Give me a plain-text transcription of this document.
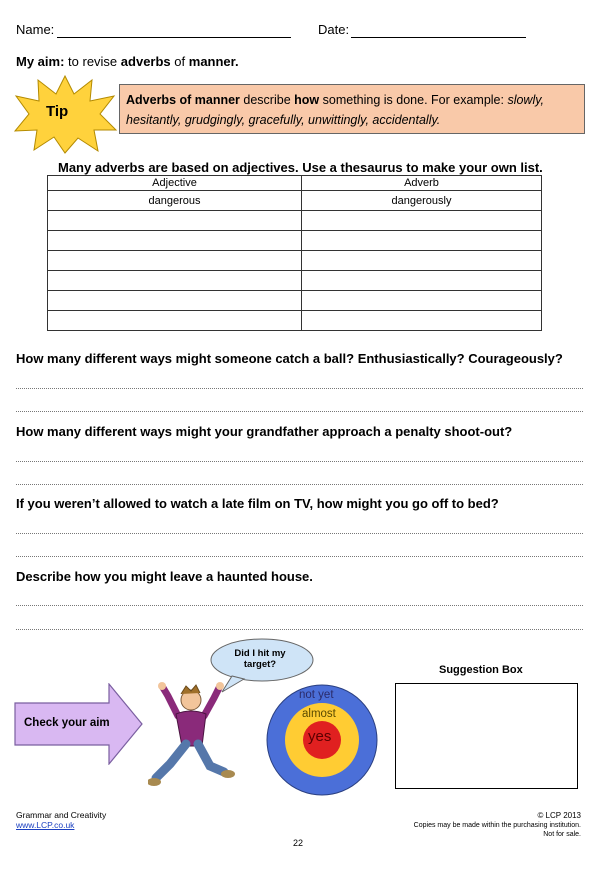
Name:	Date:
My aim: to revise adverbs of manner.
Tip
Adverbs of manner describe how something is done. For example: slowly, hesitantly, grudgingly, gracefully, unwittingly, accidentally.
Many adverbs are based on adjectives. Use a thesaurus to make your own list.
Adjective	Adverb
dangerous	dangerously

How many different ways might someone catch a ball? Enthusiastically? Courageously?
How many different ways might your grandfather approach a penalty shoot-out?
If you weren’t allowed to watch a late film on TV, how might you go off to bed?
Describe how you might leave a haunted house.
Check your aim
Did I hit my target?
not yet
almost
yes
Suggestion Box
Grammar and Creativity
www.LCP.co.uk
22
© LCP 2013
Copies may be made within the purchasing institution.
Not for sale.
